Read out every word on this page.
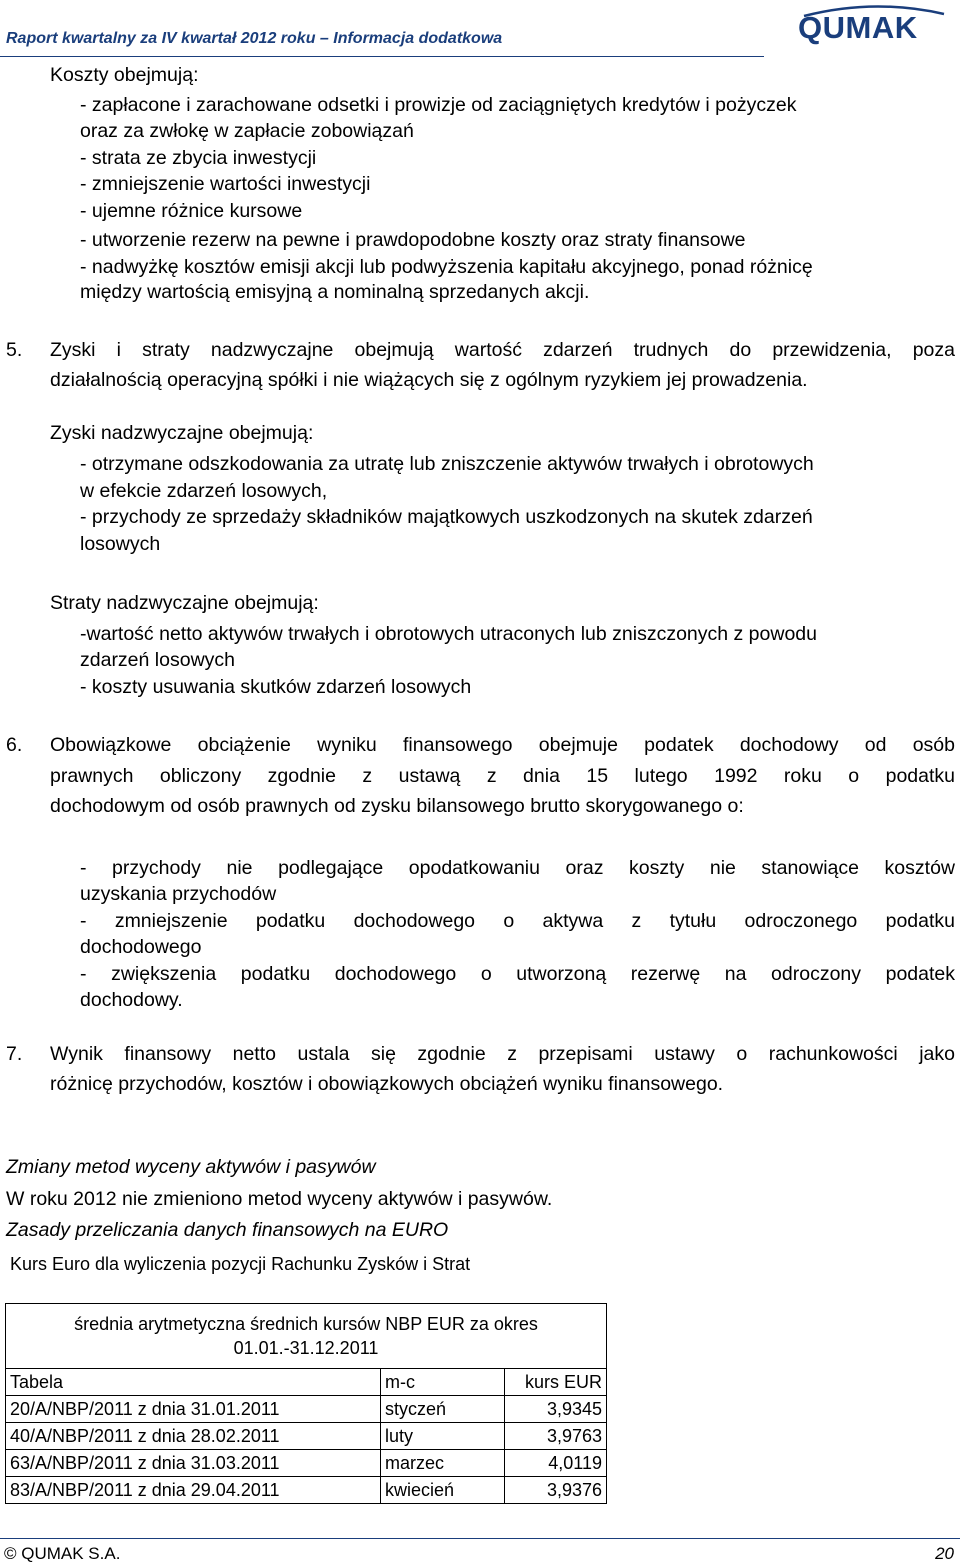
Raport kwartalny za IV kwartał 2012 roku – Informacja dodatkowa	QUMAK
Koszty obejmują:
- zapłacone i zarachowane odsetki i prowizje od zaciągniętych kredytów i pożyczek
oraz za zwłokę w zapłacie zobowiązań
- strata ze zbycia inwestycji
- zmniejszenie wartości inwestycji
- ujemne różnice kursowe
- utworzenie rezerw na pewne i prawdopodobne koszty oraz straty finansowe
- nadwyżkę kosztów emisji akcji lub podwyższenia kapitału akcyjnego, ponad różnicę
między wartością emisyjną a nominalną sprzedanych akcji.
5. Zyski i straty nadzwyczajne obejmują wartość zdarzeń trudnych do przewidzenia, poza
działalnością operacyjną spółki i nie wiążących się z ogólnym ryzykiem jej prowadzenia.
Zyski nadzwyczajne obejmują:
- otrzymane odszkodowania za utratę lub zniszczenie aktywów trwałych i obrotowych
w efekcie zdarzeń losowych,
- przychody ze sprzedaży składników majątkowych uszkodzonych na skutek zdarzeń
losowych
Straty nadzwyczajne obejmują:
-wartość netto aktywów trwałych i obrotowych utraconych lub zniszczonych z powodu
zdarzeń losowych
- koszty usuwania skutków zdarzeń losowych
6. Obowiązkowe obciążenie wyniku finansowego obejmuje podatek dochodowy od osób
prawnych obliczony zgodnie z ustawą z dnia 15 lutego 1992 roku o podatku
dochodowym od osób prawnych od zysku bilansowego brutto skorygowanego o:
- przychody nie podlegające opodatkowaniu oraz koszty nie stanowiące kosztów
uzyskania przychodów
- zmniejszenie podatku dochodowego o aktywa z tytułu odroczonego podatku
dochodowego
- zwiększenia podatku dochodowego o utworzoną rezerwę na odroczony podatek
dochodowy.
7. Wynik finansowy netto ustala się zgodnie z przepisami ustawy o rachunkowości jako
różnicę przychodów, kosztów i obowiązkowych obciążeń wyniku finansowego.
Zmiany metod wyceny aktywów i pasywów
W roku 2012 nie zmieniono metod wyceny aktywów i pasywów.
Zasady przeliczania danych finansowych na EURO
Kurs Euro dla wyliczenia pozycji Rachunku Zysków i Strat
średnia arytmetyczna średnich kursów NBP EUR za okres
01.01.-31.12.2011		

Tabela	m-c	kurs EUR
20/A/NBP/2011 z dnia 31.01.2011	styczeń	3,9345
40/A/NBP/2011 z dnia 28.02.2011	luty	3,9763
63/A/NBP/2011 z dnia 31.03.2011	marzec	4,0119
83/A/NBP/2011 z dnia 29.04.2011	kwiecień	3,9376
© QUMAK S.A.	20
